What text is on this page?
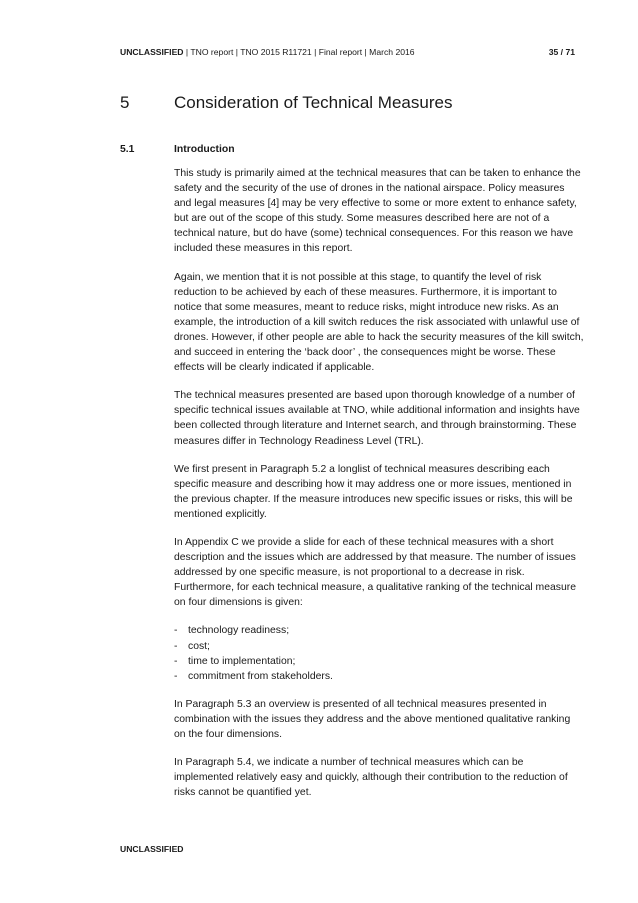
UNCLASSIFIED | TNO report | TNO 2015 R11721 | Final report | March 2016	35 / 71
5	Consideration of Technical Measures
5.1	Introduction

This study is primarily aimed at the technical measures that can be taken to enhance the safety and the security of the use of drones in the national airspace. Policy measures and legal measures [4] may be very effective to some or more extent to enhance safety, but are out of the scope of this study. Some measures described here are not of a technical nature, but do have (some) technical consequences. For this reason we have included these measures in this report.

Again, we mention that it is not possible at this stage, to quantify the level of risk reduction to be achieved by each of these measures. Furthermore, it is important to notice that some measures, meant to reduce risks, might introduce new risks. As an example, the introduction of a kill switch reduces the risk associated with unlawful use of drones. However, if other people are able to hack the security measures of the kill switch, and succeed in entering the ‘back door’ , the consequences might be worse. These effects will be clearly indicated if applicable.

The technical measures presented are based upon thorough knowledge of a number of specific technical issues available at TNO, while additional information and insights have been collected through literature and Internet search, and through brainstorming. These measures differ in Technology Readiness Level (TRL).

We first present in Paragraph 5.2 a longlist of technical measures describing each specific measure and describing how it may address one or more issues, mentioned in the previous chapter. If the measure introduces new specific issues or risks, this will be mentioned explicitly.

In Appendix C we provide a slide for each of these technical measures with a short description and the issues which are addressed by that measure. The number of issues addressed by one specific measure, is not proportional to a decrease in risk. Furthermore, for each technical measure, a qualitative ranking of the technical measure on four dimensions is given:

-	technology readiness;
-	cost;
-	time to implementation;
-	commitment from stakeholders.

In Paragraph 5.3 an overview is presented of all technical measures presented in combination with the issues they address and the above mentioned qualitative ranking on the four dimensions.

In Paragraph 5.4, we indicate a number of technical measures which can be implemented relatively easy and quickly, although their contribution to the reduction of risks cannot be quantified yet.

UNCLASSIFIED
